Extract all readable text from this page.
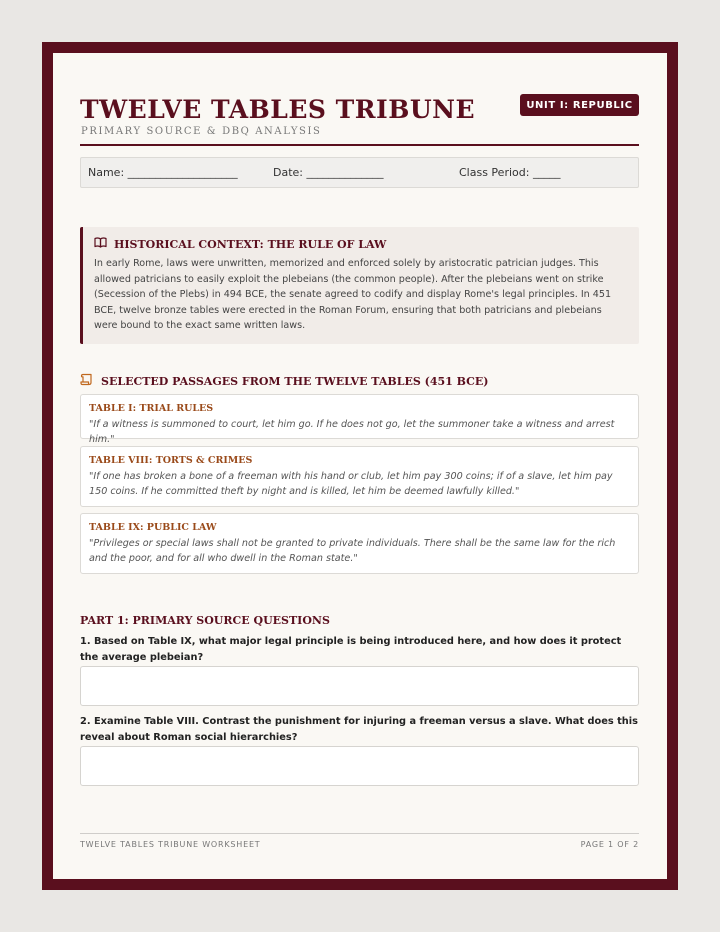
TWELVE TABLES TRIBUNE
PRIMARY SOURCE & DBQ ANALYSIS
UNIT I: REPUBLIC
Name: ____________________	Date: ______________	Class Period: _____
HISTORICAL CONTEXT: THE RULE OF LAW
In early Rome, laws were unwritten, memorized and enforced solely by aristocratic patrician judges. This allowed patricians to easily exploit the plebeians (the common people). After the plebeians went on strike (Secession of the Plebs) in 494 BCE, the senate agreed to codify and display Rome's legal principles. In 451 BCE, twelve bronze tables were erected in the Roman Forum, ensuring that both patricians and plebeians were bound to the exact same written laws.
SELECTED PASSAGES FROM THE TWELVE TABLES (451 BCE)
TABLE I: TRIAL RULES
"If a witness is summoned to court, let him go. If he does not go, let the summoner take a witness and arrest him."
TABLE VIII: TORTS & CRIMES
"If one has broken a bone of a freeman with his hand or club, let him pay 300 coins; if of a slave, let him pay 150 coins. If he committed theft by night and is killed, let him be deemed lawfully killed."
TABLE IX: PUBLIC LAW
"Privileges or special laws shall not be granted to private individuals. There shall be the same law for the rich and the poor, and for all who dwell in the Roman state."
PART 1: PRIMARY SOURCE QUESTIONS
1. Based on Table IX, what major legal principle is being introduced here, and how does it protect the average plebeian?
2. Examine Table VIII. Contrast the punishment for injuring a freeman versus a slave. What does this reveal about Roman social hierarchies?
TWELVE TABLES TRIBUNE WORKSHEET	PAGE 1 OF 2
